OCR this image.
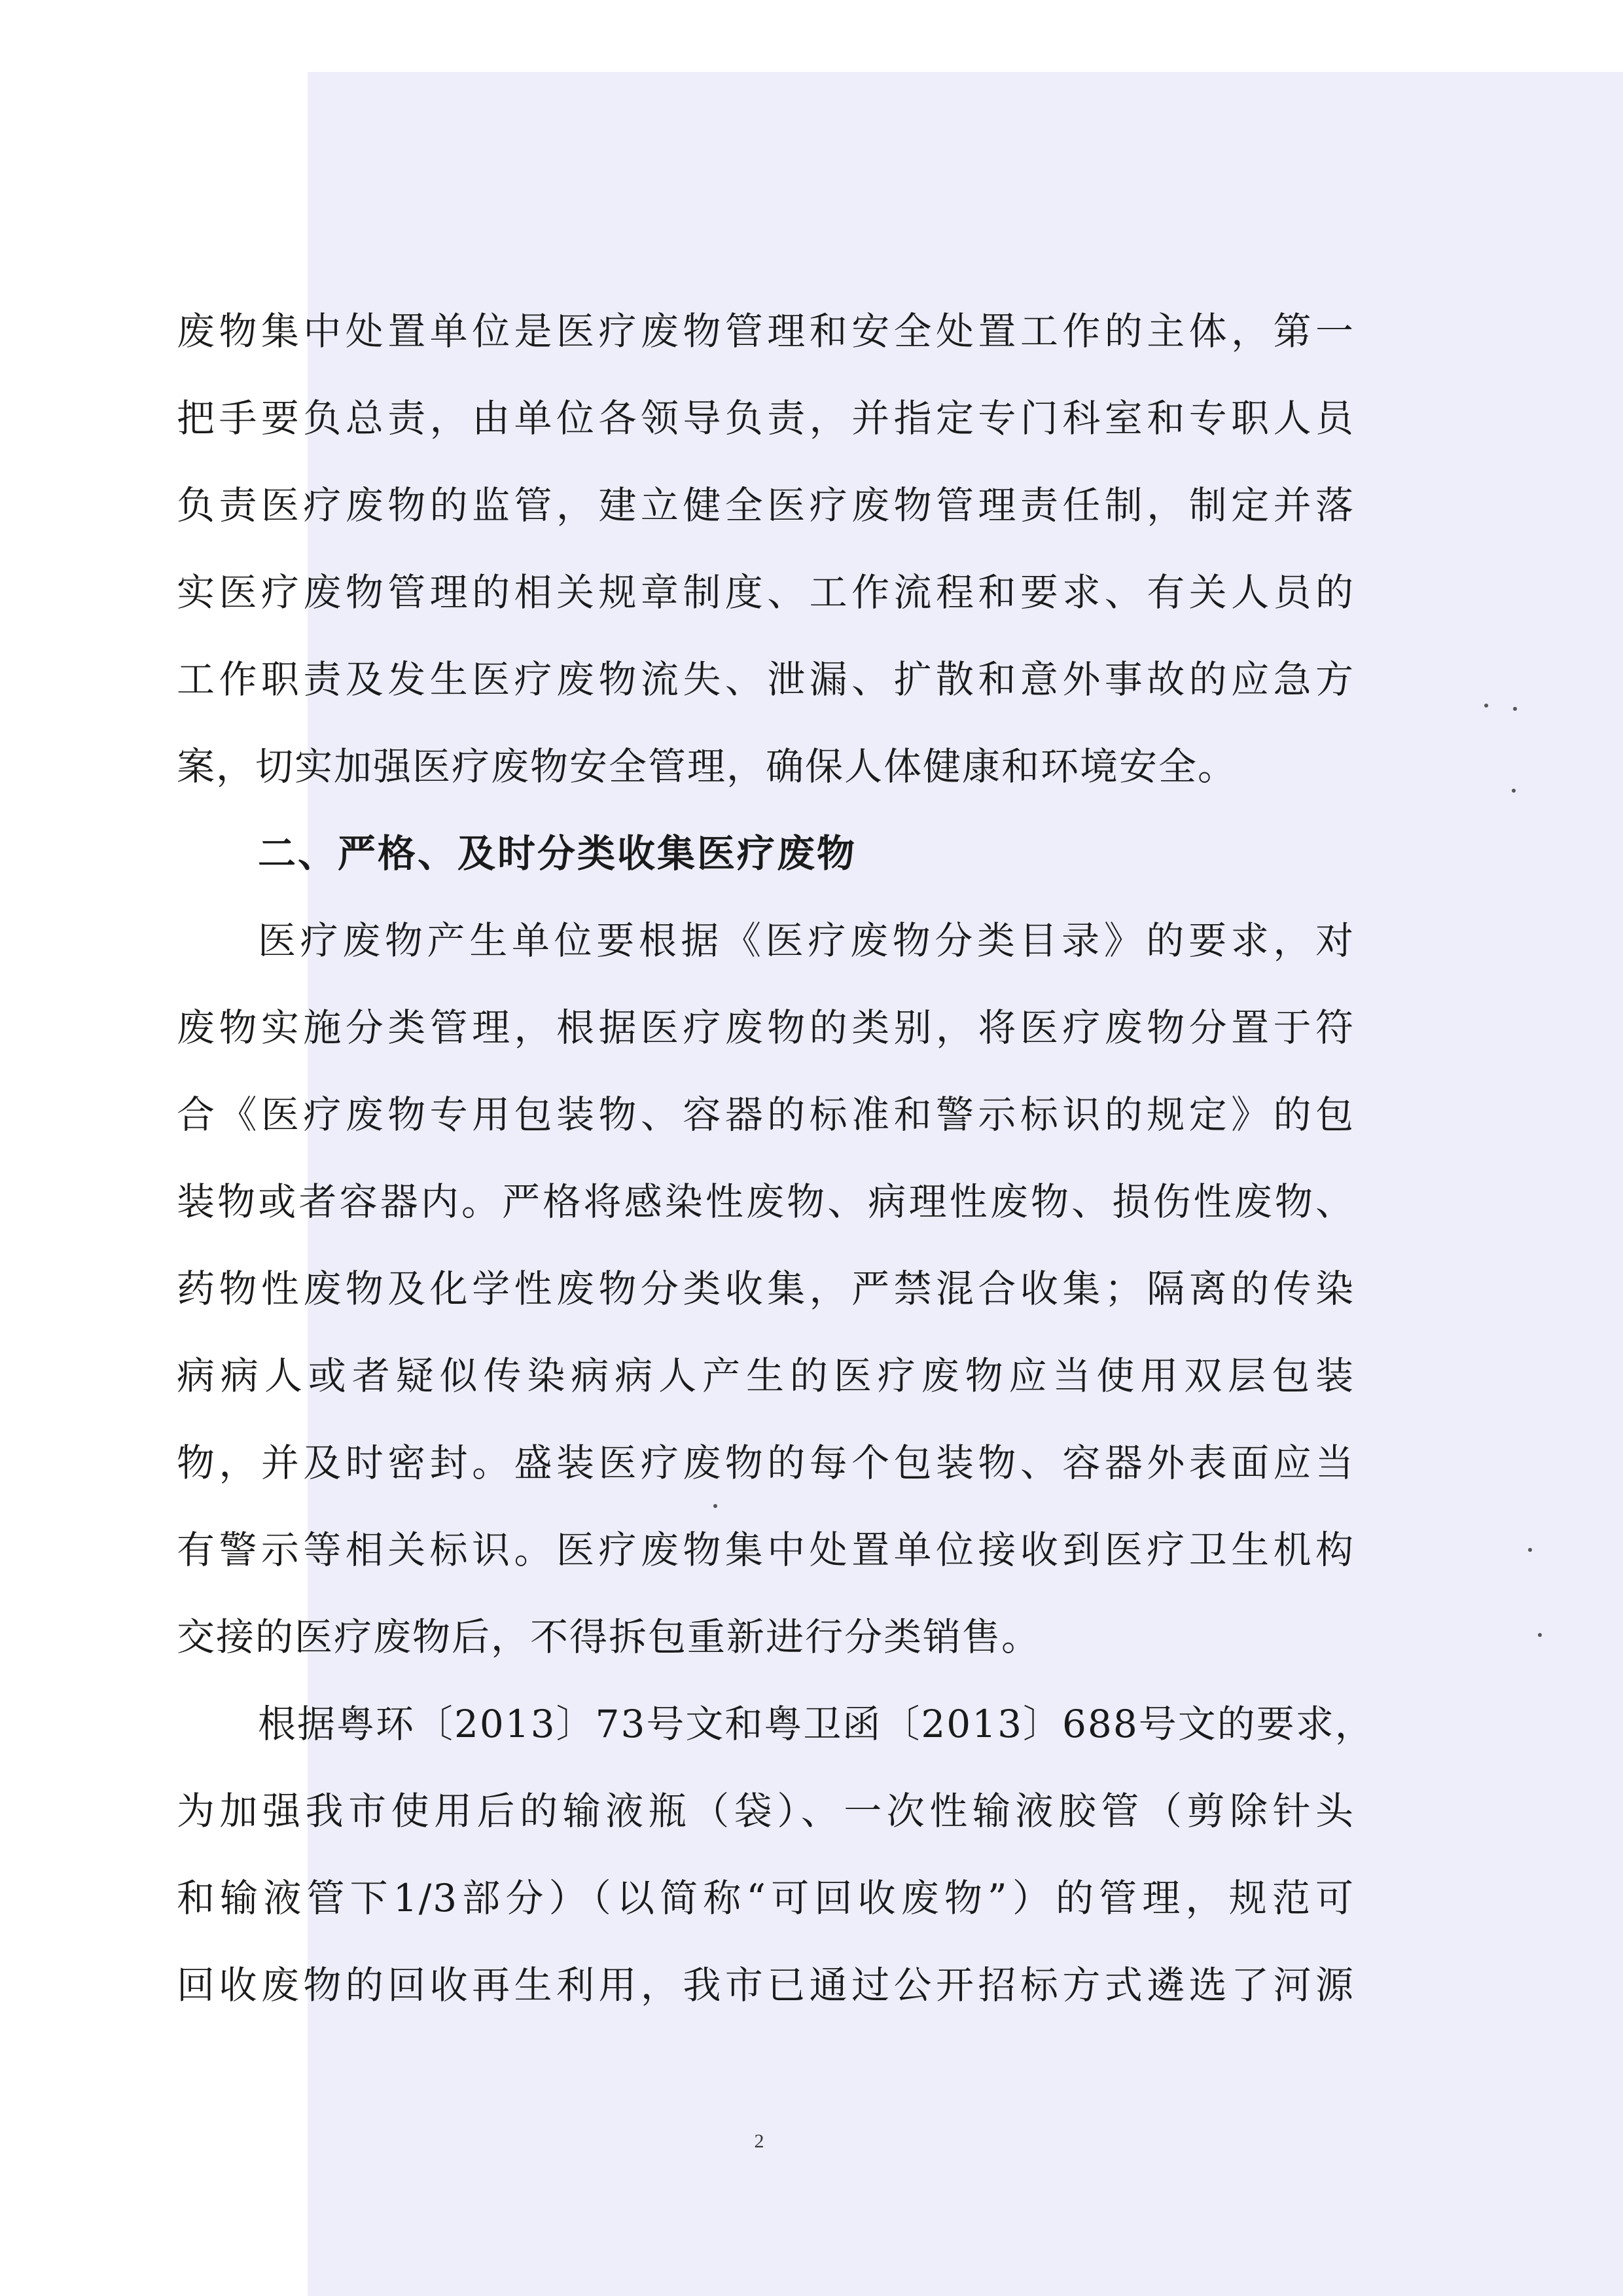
废物集中处置单位是医疗废物管理和安全处置工作的主体，第一
把手要负总责，由单位各领导负责，并指定专门科室和专职人员
负责医疗废物的监管，建立健全医疗废物管理责任制，制定并落
实医疗废物管理的相关规章制度、工作流程和要求、有关人员的
工作职责及发生医疗废物流失、泄漏、扩散和意外事故的应急方
案，切实加强医疗废物安全管理，确保人体健康和环境安全。
二、严格、及时分类收集医疗废物
医疗废物产生单位要根据《医疗废物分类目录》的要求，对
废物实施分类管理，根据医疗废物的类别，将医疗废物分置于符
合《医疗废物专用包装物、容器的标准和警示标识的规定》的包
装物或者容器内。严格将感染性废物、病理性废物、损伤性废物、
药物性废物及化学性废物分类收集，严禁混合收集；隔离的传染
病病人或者疑似传染病病人产生的医疗废物应当使用双层包装
物，并及时密封。盛装医疗废物的每个包装物、容器外表面应当
有警示等相关标识。医疗废物集中处置单位接收到医疗卫生机构
交接的医疗废物后，不得拆包重新进行分类销售。
根据粤环〔2013〕73号文和粤卫函〔2013〕688号文的要求，
为加强我市使用后的输液瓶（袋）、一次性输液胶管（剪除针头
和输液管下1/3部分）（以简称“可回收废物”）的管理，规范可
回收废物的回收再生利用，我市已通过公开招标方式遴选了河源
2
